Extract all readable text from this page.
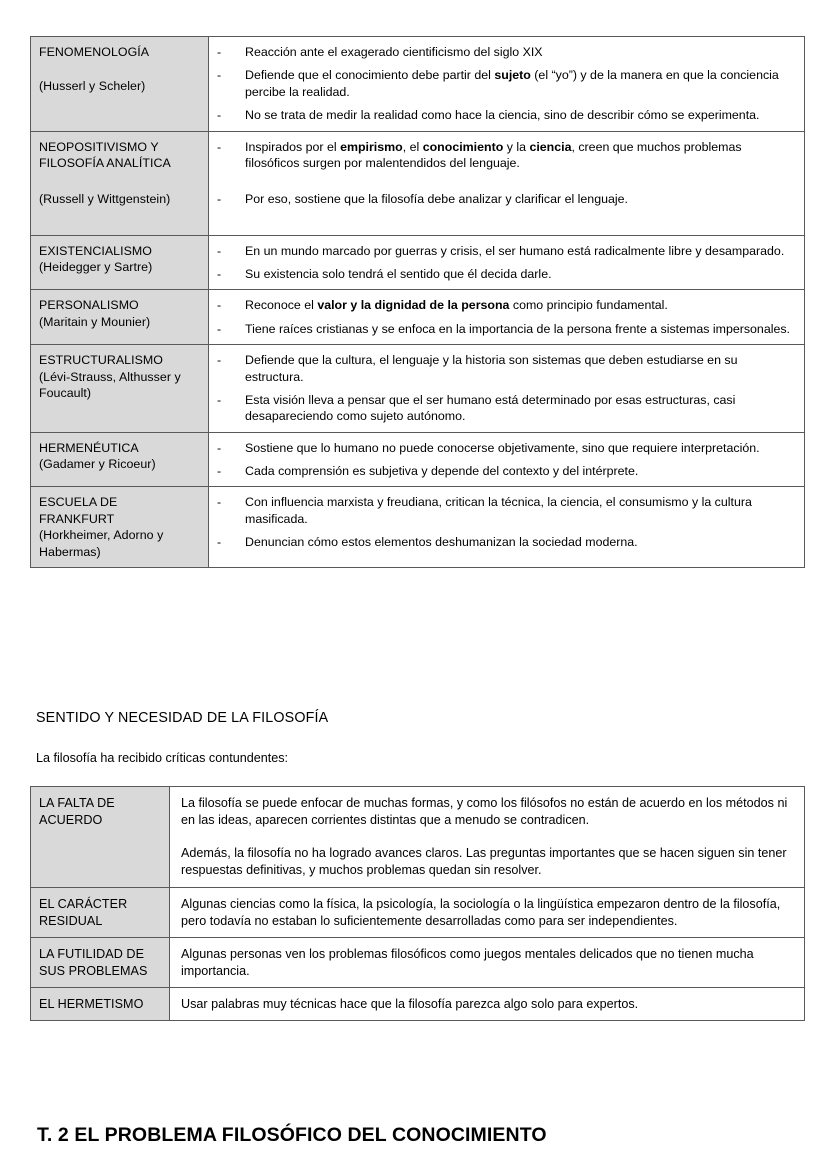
FENOMENOLOGÍA
(Husserl y Scheler)

-	Reacción ante el exagerado cientificismo del siglo XIX
-	Defiende que el conocimiento debe partir del sujeto (el “yo”) y de la manera en que la conciencia percibe la realidad.
-	No se trata de medir la realidad como hace la ciencia, sino de describir cómo se experimenta.

NEOPOSITIVISMO Y FILOSOFÍA ANALÍTICA
(Russell y Wittgenstein)

-	Inspirados por el empirismo, el conocimiento y la ciencia, creen que muchos problemas filosóficos surgen por malentendidos del lenguaje.
-	Por eso, sostiene que la filosofía debe analizar y clarificar el lenguaje.

EXISTENCIALISMO
(Heidegger y Sartre)

-	En un mundo marcado por guerras y crisis, el ser humano está radicalmente libre y desamparado.
-	Su existencia solo tendrá el sentido que él decida darle.

PERSONALISMO
(Maritain y Mounier)

-	Reconoce el valor y la dignidad de la persona como principio fundamental.
-	Tiene raíces cristianas y se enfoca en la importancia de la persona frente a sistemas impersonales.

ESTRUCTURALISMO
(Lévi-Strauss, Althusser y Foucault)

-	Defiende que la cultura, el lenguaje y la historia son sistemas que deben estudiarse en su estructura.
-	Esta visión lleva a pensar que el ser humano está determinado por esas estructuras, casi desapareciendo como sujeto autónomo.

HERMENÉUTICA
(Gadamer y Ricoeur)

-	Sostiene que lo humano no puede conocerse objetivamente, sino que requiere interpretación.
-	Cada comprensión es subjetiva y depende del contexto y del intérprete.

ESCUELA DE FRANKFURT
(Horkheimer, Adorno y Habermas)

-	Con influencia marxista y freudiana, critican la técnica, la ciencia, el consumismo y la cultura masificada.
-	Denuncian cómo estos elementos deshumanizan la sociedad moderna.
SENTIDO Y NECESIDAD DE LA FILOSOFÍA
La filosofía ha recibido críticas contundentes:
LA FALTA DE ACUERDO	La filosofía se puede enfocar de muchas formas, y como los filósofos no están de acuerdo en los métodos ni en las ideas, aparecen corrientes distintas que a menudo se contradicen.

Además, la filosofía no ha logrado avances claros. Las preguntas importantes que se hacen siguen sin tener respuestas definitivas, y muchos problemas quedan sin resolver.

EL CARÁCTER RESIDUAL	Algunas ciencias como la física, la psicología, la sociología o la lingüística empezaron dentro de la filosofía, pero todavía no estaban lo suficientemente desarrolladas como para ser independientes.

LA FUTILIDAD DE SUS PROBLEMAS	Algunas personas ven los problemas filosóficos como juegos mentales delicados que no tienen mucha importancia.

EL HERMETISMO	Usar palabras muy técnicas hace que la filosofía parezca algo solo para expertos.

T. 2 EL PROBLEMA FILOSÓFICO DEL CONOCIMIENTO
